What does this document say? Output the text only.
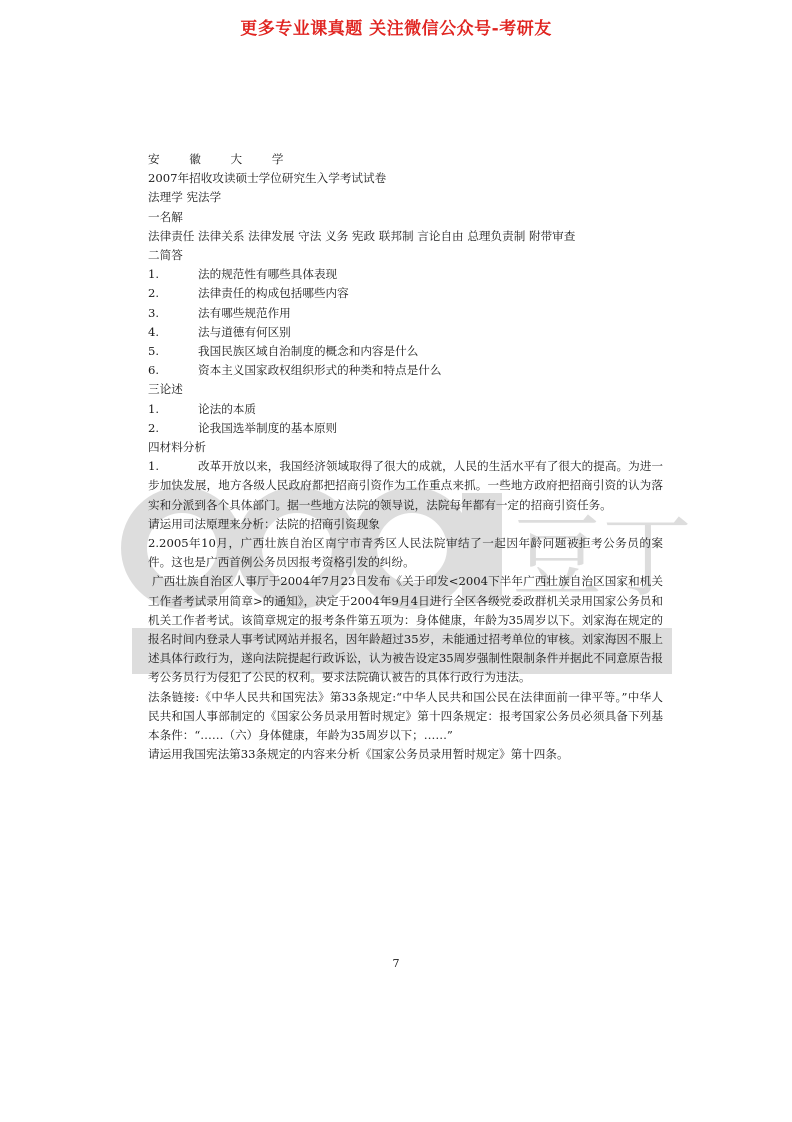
更多专业课真题 关注微信公众号-考研友
豆丁
安 徽 大 学
2007年招收攻读硕士学位研究生入学考试试卷
法理学 宪法学
一名解
法律责任 法律关系 法律发展 守法 义务 宪政 联邦制 言论自由 总理负责制 附带审查
二简答
1.	法的规范性有哪些具体表现
2.	法律责任的构成包括哪些内容
3.	法有哪些规范作用
4.	法与道德有何区别
5.	我国民族区域自治制度的概念和内容是什么
6.	资本主义国家政权组织形式的种类和特点是什么
三论述
1.	论法的本质
2.	论我国选举制度的基本原则
四材料分析
1.	改革开放以来，我国经济领域取得了很大的成就，人民的生活水平有了很大的提高。为进一步加快发展，地方各级人民政府都把招商引资作为工作重点来抓。一些地方政府把招商引资的认为落实和分派到各个具体部门。据一些地方法院的领导说，法院每年都有一定的招商引资任务。
请运用司法原理来分析：法院的招商引资现象
2.2005年10月，广西壮族自治区南宁市青秀区人民法院审结了一起因年龄问题被拒考公务员的案件。这也是广西首例公务员因报考资格引发的纠纷。
广西壮族自治区人事厅于2004年7月23日发布《关于印发<2004下半年广西壮族自治区国家和机关工作者考试录用简章>的通知》，决定于2004年9月4日进行全区各级党委政群机关录用国家公务员和机关工作者考试。该简章规定的报考条件第五项为：身体健康，年龄为35周岁以下。刘家海在规定的报名时间内登录人事考试网站并报名，因年龄超过35岁，未能通过招考单位的审核。刘家海因不服上述具体行政行为，遂向法院提起行政诉讼，认为被告设定35周岁强制性限制条件并据此不同意原告报考公务员行为侵犯了公民的权利。要求法院确认被告的具体行政行为违法。
法条链接:《中华人民共和国宪法》第33条规定:“中华人民共和国公民在法律面前一律平等。”中华人民共和国人事部制定的《国家公务员录用暂时规定》第十四条规定：报考国家公务员必须具备下列基本条件：“……（六）身体健康，年龄为35周岁以下；……”
请运用我国宪法第33条规定的内容来分析《国家公务员录用暂时规定》第十四条。
7
